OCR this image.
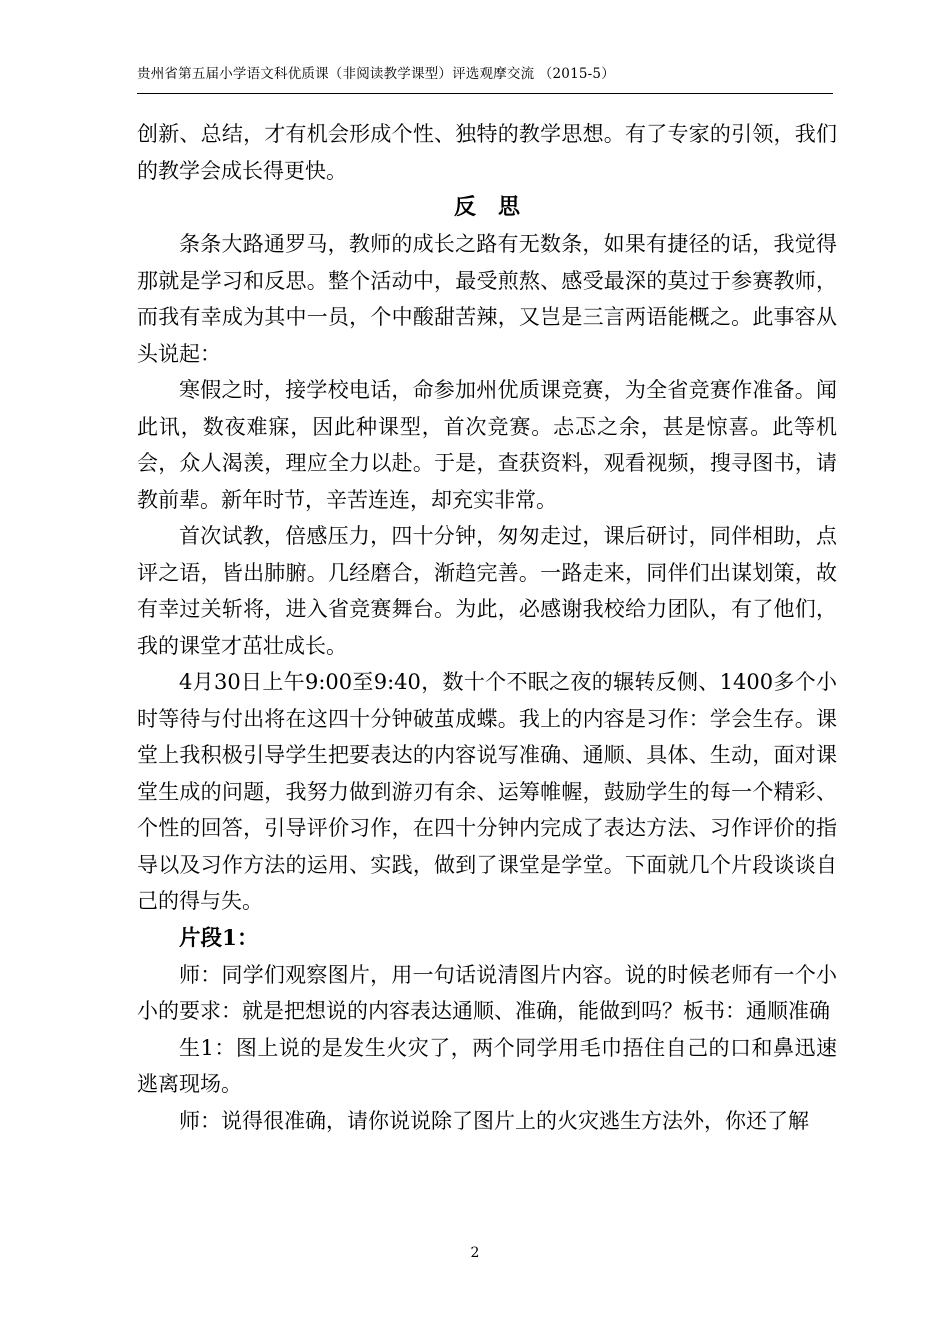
贵州省第五届小学语文科优质课（非阅读教学课型）评选观摩交流 （2015-5）

创新、总结，才有机会形成个性、独特的教学思想。有了专家的引领，我们的教学会成长得更快。

反思

条条大路通罗马，教师的成长之路有无数条，如果有捷径的话，我觉得那就是学习和反思。整个活动中，最受煎熬、感受最深的莫过于参赛教师，而我有幸成为其中一员，个中酸甜苦辣，又岂是三言两语能概之。此事容从头说起：

寒假之时，接学校电话，命参加州优质课竞赛，为全省竞赛作准备。闻此讯，数夜难寐，因此种课型，首次竞赛。忐忑之余，甚是惊喜。此等机会，众人渴羡，理应全力以赴。于是，查获资料，观看视频，搜寻图书，请教前辈。新年时节，辛苦连连，却充实非常。

首次试教，倍感压力，四十分钟，匆匆走过，课后研讨，同伴相助，点评之语，皆出肺腑。几经磨合，渐趋完善。一路走来，同伴们出谋划策，故有幸过关斩将，进入省竞赛舞台。为此，必感谢我校给力团队，有了他们，我的课堂才茁壮成长。

4月30日上午9:00至9:40，数十个不眠之夜的辗转反侧、1400多个小时等待与付出将在这四十分钟破茧成蝶。我上的内容是习作：学会生存。课堂上我积极引导学生把要表达的内容说写准确、通顺、具体、生动，面对课堂生成的问题，我努力做到游刃有余、运筹帷幄，鼓励学生的每一个精彩、个性的回答，引导评价习作，在四十分钟内完成了表达方法、习作评价的指导以及习作方法的运用、实践，做到了课堂是学堂。下面就几个片段谈谈自己的得与失。

片段1：

师：同学们观察图片，用一句话说清图片内容。说的时候老师有一个小小的要求：就是把想说的内容表达通顺、准确，能做到吗？板书：通顺准确

生1：图上说的是发生火灾了，两个同学用毛巾捂住自己的口和鼻迅速逃离现场。

师：说得很准确，请你说说除了图片上的火灾逃生方法外，你还了解

2
